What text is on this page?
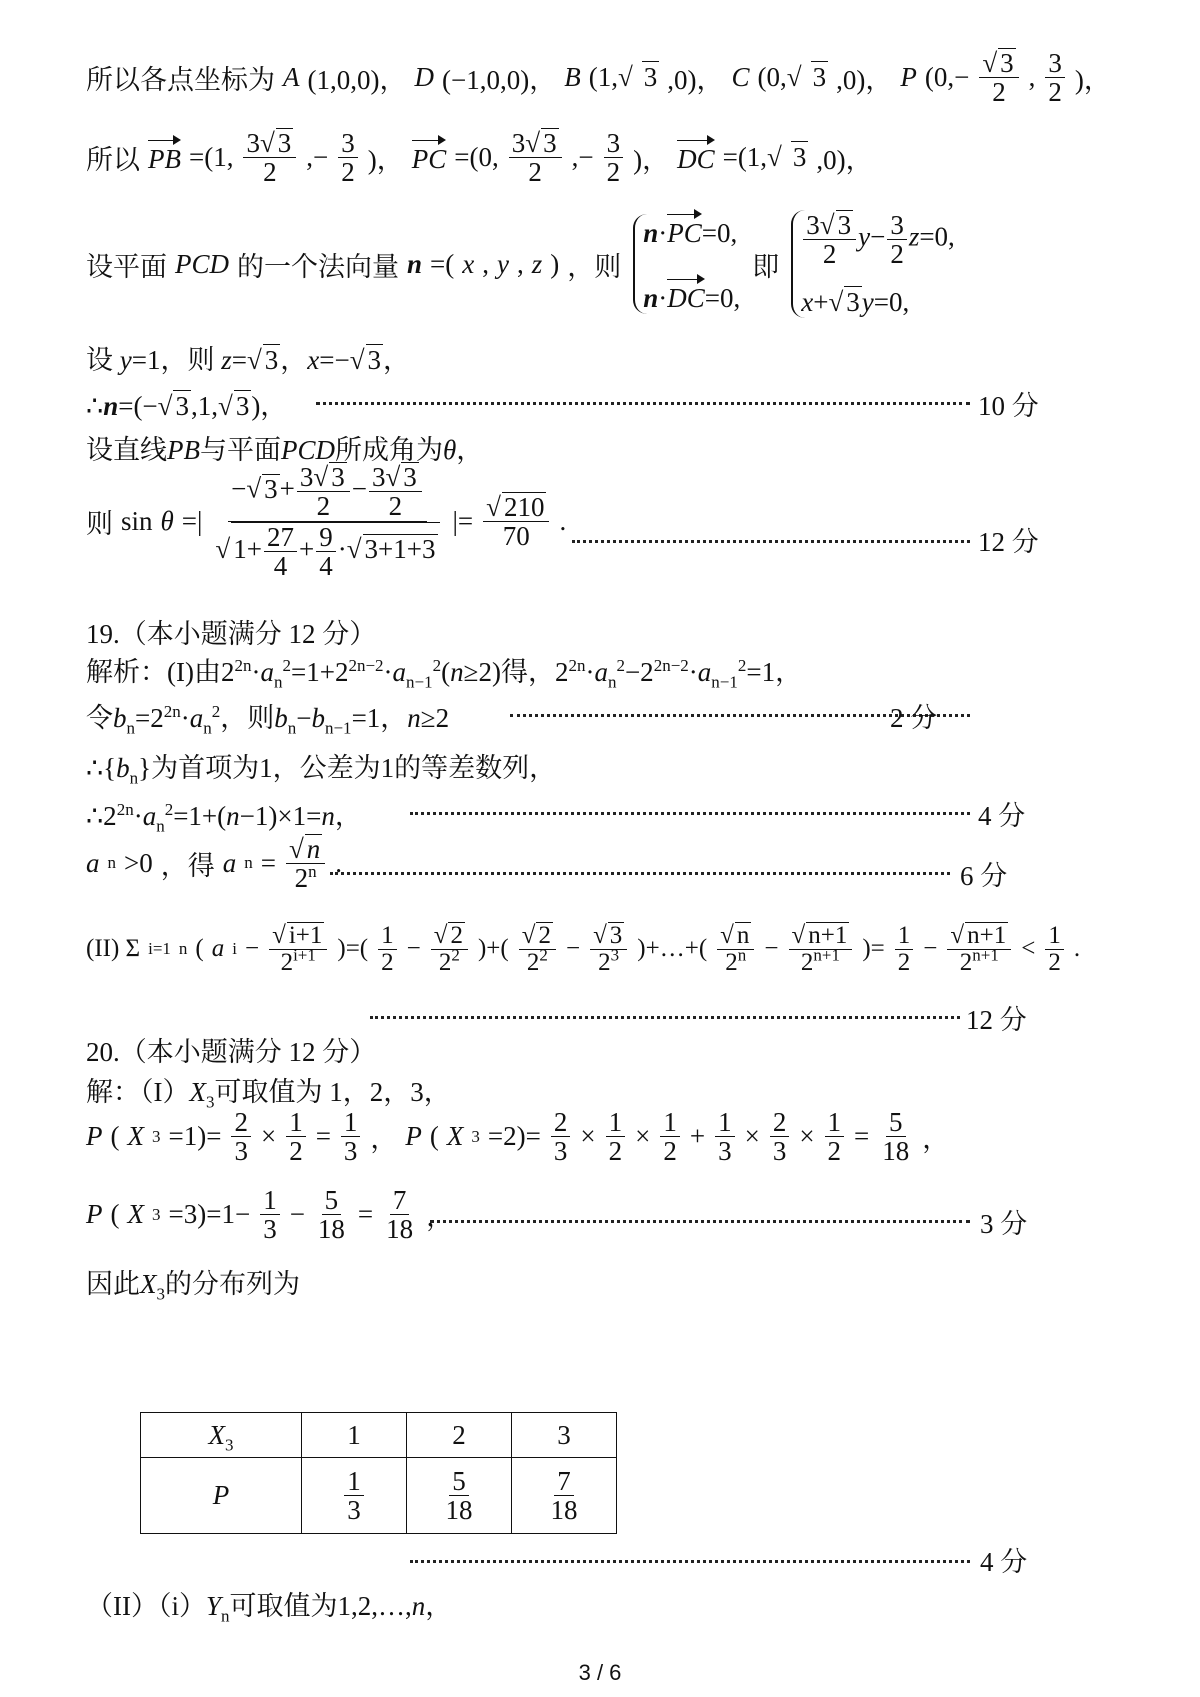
所以各点坐标为 A (1,0,0)， D (−1,0,0)， B (1,√ 3 ,0)， C (0,√ 3 ,0)， P (0,− √ 3
2
, 3
2 )，
所以 PB =(1, 3√ 3
2
,− 3
2 )， PC =(0, 3√ 3
2
,− 3
2 )， DC =(1,√ 3 ,0)，
设平面 PCD 的一个法向量 n =( x , y , z ) ，则
n·PC=0,
n·DC=0,
即 $\frac{3√ 3}{2} y- \frac{3}{2} z=0$,
x+√ 3y=0,
设 y=1，则 z=√ 3，x=−√ 3，
∴n=(−√ 3,1,√ 3)，	10 分
设直线PB与平面PCD所成角为θ，
则 sin θ =|
−√ $3+ \frac{3√ 3}{2} - \frac{3√ 3}{2}$
√ $1+ \frac{27}{4} + \frac{9}{4}$ ·√ 3+1+3
|= √ 210
70
.
12 分
19.（本小题满分 12 分）
解析：(I)由$2^{2n}\cdot a_n^2=1+2^{2n-2}\cdot a_{n-1}^2(n\ge 2)$得，$2^{2n}\cdot a_n^2-2^{2n-2}\cdot a_{n-1}^2=1$，
令$b_n=2^{2n}\cdot a_n^2$，则$b_n-b_{n-1}=1$，n≥2	2 分
$\therefore\{b_n\}$为首项为1，公差为1的等差数列，
$\therefore 2^{2n}\cdot a_n^2=1+(n-1)\times 1=n$，	4 分
a n >0 ，得 a n = √ n
2$^n$ .	6 分
(II) Σ i=1 n ( a i − √ i+1
$2^{i+1}$ )=(
1
2 − √ 2
$2^2$ )+( √ 2
$2^2$ − √ 3
$2^3$ )+…+( √ n
$2^n$ − √ n+1
$2^{n+1}$ )=
1
2 − √ n+1
$2^{n+1}$ <
1
2 .
12 分
20.（本小题满分 12 分）
解：$(I)X_3$可取值为 1，2，3，
P ( X 3 =1)= 2
3 × 1
2 = 1
3 ， P ( X 3 =2)= 2
3 × 1
2 × 1
2 + 1
3 × 2
3 × 1
2 = 5
18 ，
P ( X 3 =3)=1− 1
3 − 5
18 = 7
18 ，	3 分
因此$X_3$的分布列为
$X_3$	1	2	3
P	$\frac{1}{3}$	$\frac{5}{18}$	$\frac{7}{18}$
4 分
$(II)(i)Y_n$可取值为1,2,…,n，
3 / 6
